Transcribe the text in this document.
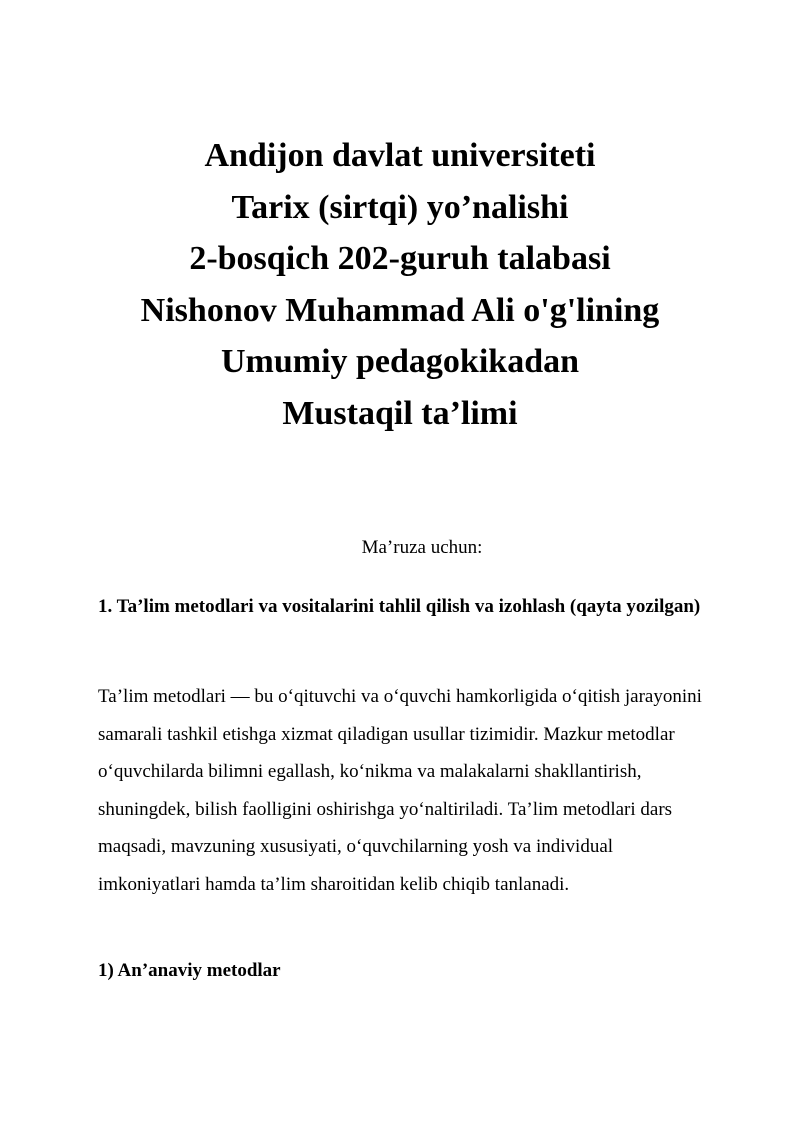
Andijon davlat universiteti
Tarix (sirtqi) yo’nalishi
2-bosqich 202-guruh talabasi
Nishonov Muhammad Ali o'g'lining
Umumiy pedagokikadan
Mustaqil ta’limi
Ma’ruza uchun:
1. Ta’lim metodlari va vositalarini tahlil qilish va izohlash (qayta yozilgan)
Ta’lim metodlari — bu o‘qituvchi va o‘quvchi hamkorligida o‘qitish jarayonini samarali tashkil etishga xizmat qiladigan usullar tizimidir. Mazkur metodlar o‘quvchilarda bilimni egallash, ko‘nikma va malakalarni shakllantirish, shuningdek, bilish faolligini oshirishga yo‘naltiriladi. Ta’lim metodlari dars maqsadi, mavzuning xususiyati, o‘quvchilarning yosh va individual imkoniyatlari hamda ta’lim sharoitidan kelib chiqib tanlanadi.
1) An’anaviy metodlar
